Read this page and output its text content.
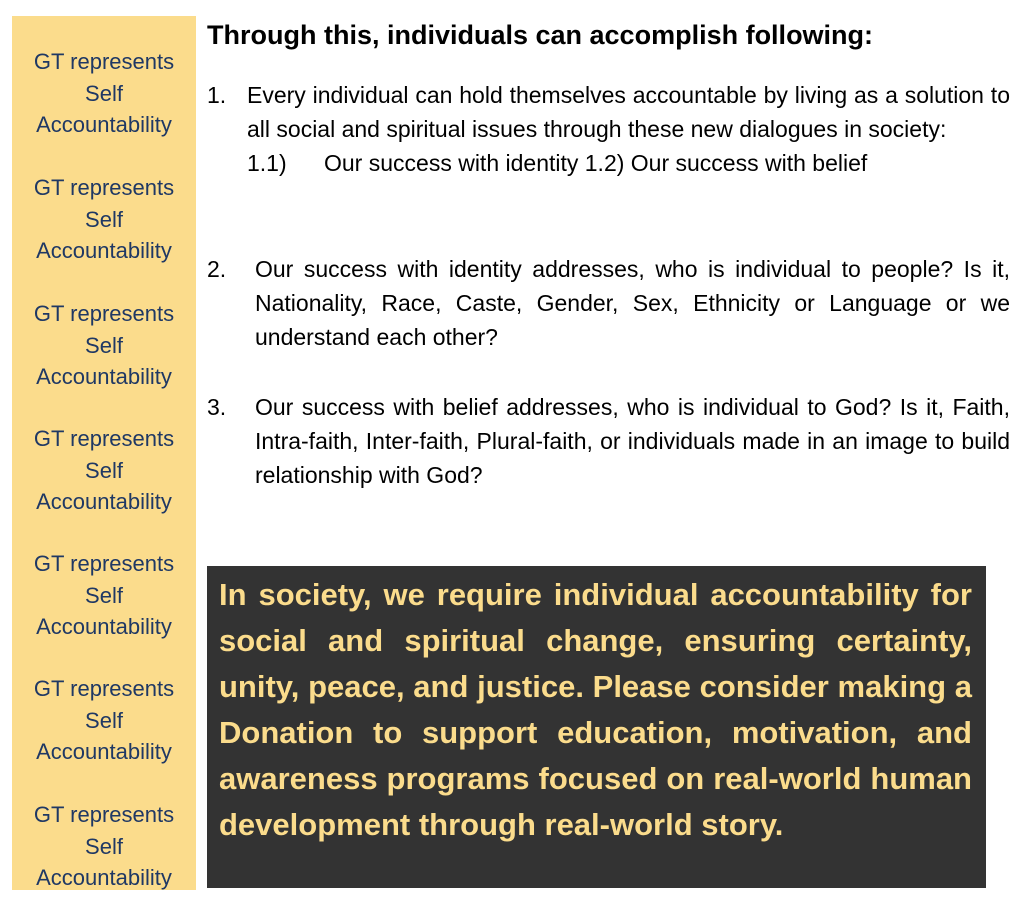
GT represents
Self
Accountability
GT represents
Self
Accountability
GT represents
Self
Accountability
GT represents
Self
Accountability
GT represents
Self
Accountability
GT represents
Self
Accountability
GT represents
Self
Accountability
Through this, individuals can accomplish following:
1. Every individual can hold themselves accountable by living as a solution to all social and spiritual issues through these new dialogues in society:
1.1) Our success with identity 1.2) Our success with belief
2. Our success with identity addresses, who is individual to people? Is it, Nationality, Race, Caste, Gender, Sex, Ethnicity or Language or we understand each other?
3. Our success with belief addresses, who is individual to God? Is it, Faith, Intra-faith, Inter-faith, Plural-faith, or individuals made in an image to build relationship with God?
In society, we require individual accountability for social and spiritual change, ensuring certainty, unity, peace, and justice. Please consider making a Donation to support education, motivation, and awareness programs focused on real-world human development through real-world story.
